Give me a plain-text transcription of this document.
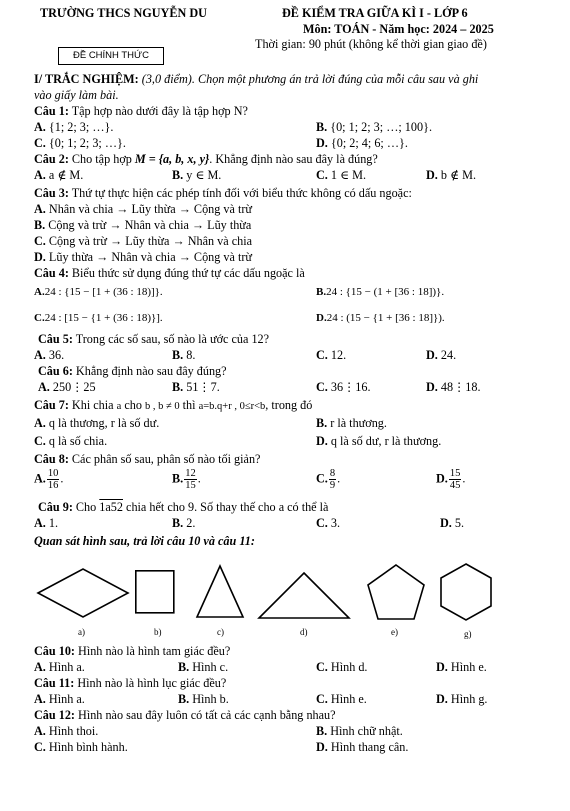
TRƯỜNG THCS NGUYỄN DU
ĐỀ CHÍNH THỨC
ĐỀ KIỂM TRA GIỮA KÌ I - LỚP 6
Môn: TOÁN - Năm học: 2024 – 2025
Thời gian: 90 phút (không kể thời gian giao đề)
I/ TRẮC NGHIỆM: (3,0 điểm). Chọn một phương án trả lời đúng của mỗi câu sau và ghi
vào giấy làm bài.
Câu 1: Tập hợp nào dưới đây là tập hợp N?
A. {1; 2; 3; …}.	B. {0; 1; 2; 3; …; 100}.
C. {0; 1; 2; 3; …}.	D. {0; 2; 4; 6; …}.
Câu 2: Cho tập hợp M = {a, b, x, y}. Khẳng định nào sau đây là đúng?
A. a ∉ M.	B. y ∈ M.	C. 1 ∈ M.	D. b ∉ M.
Câu 3: Thứ tự thực hiện các phép tính đối với biểu thức không có dấu ngoặc:
A. Nhân và chia → Lũy thừa → Cộng và trừ
B. Cộng và trừ → Nhân và chia → Lũy thừa
C. Cộng và trừ → Lũy thừa → Nhân và chia
D. Lũy thừa → Nhân và chia → Cộng và trừ
Câu 4: Biểu thức sử dụng đúng thứ tự các dấu ngoặc là
A.24 : {15 − [1 + (36 : 18)]}.	B.24 : {15 − (1 + [36 : 18])}.
C.24 : [15 − {1 + (36 : 18)}].	D.24 : (15 − {1 + [36 : 18]}).
Câu 5: Trong các số sau, số nào là ước của 12?
A. 36.	B. 8.	C. 12.	D. 24.
Câu 6: Khẳng định nào sau đây đúng?
A. 250⋮25	B. 51⋮7.	C. 36⋮16.	D. 48⋮18.
Câu 7: Khi chia a cho b , b ≠ 0 thì a=b.q+r , 0≤r<b, trong đó
A. q là thương, r là số dư.	B. r là thương.
C. q là số chia.	D. q là số dư, r là thương.
Câu 8: Các phân số sau, phân số nào tối giản?
A. $\frac{10}{16}$ .	B. $\frac{12}{15}$ .	C. $\frac{8}{9}$ .	D. $\frac{15}{45}$ .
Câu 9: Cho 1a52 chia hết cho 9. Số thay thế cho a có thể là
A. 1.	B. 2.	C. 3.	D. 5.
Quan sát hình sau, trả lời câu 10 và câu 11:
a)	b)	c)	d)	e)	g)
Câu 10: Hình nào là hình tam giác đều?
A. Hình a.	B. Hình c.	C. Hình d.	D. Hình e.
Câu 11: Hình nào là hình lục giác đều?
A. Hình a.	B. Hình b.	C. Hình e.	D. Hình g.
Câu 12: Hình nào sau đây luôn có tất cả các cạnh bằng nhau?
A. Hình thoi.	B. Hình chữ nhật.
C. Hình bình hành.	D. Hình thang cân.
